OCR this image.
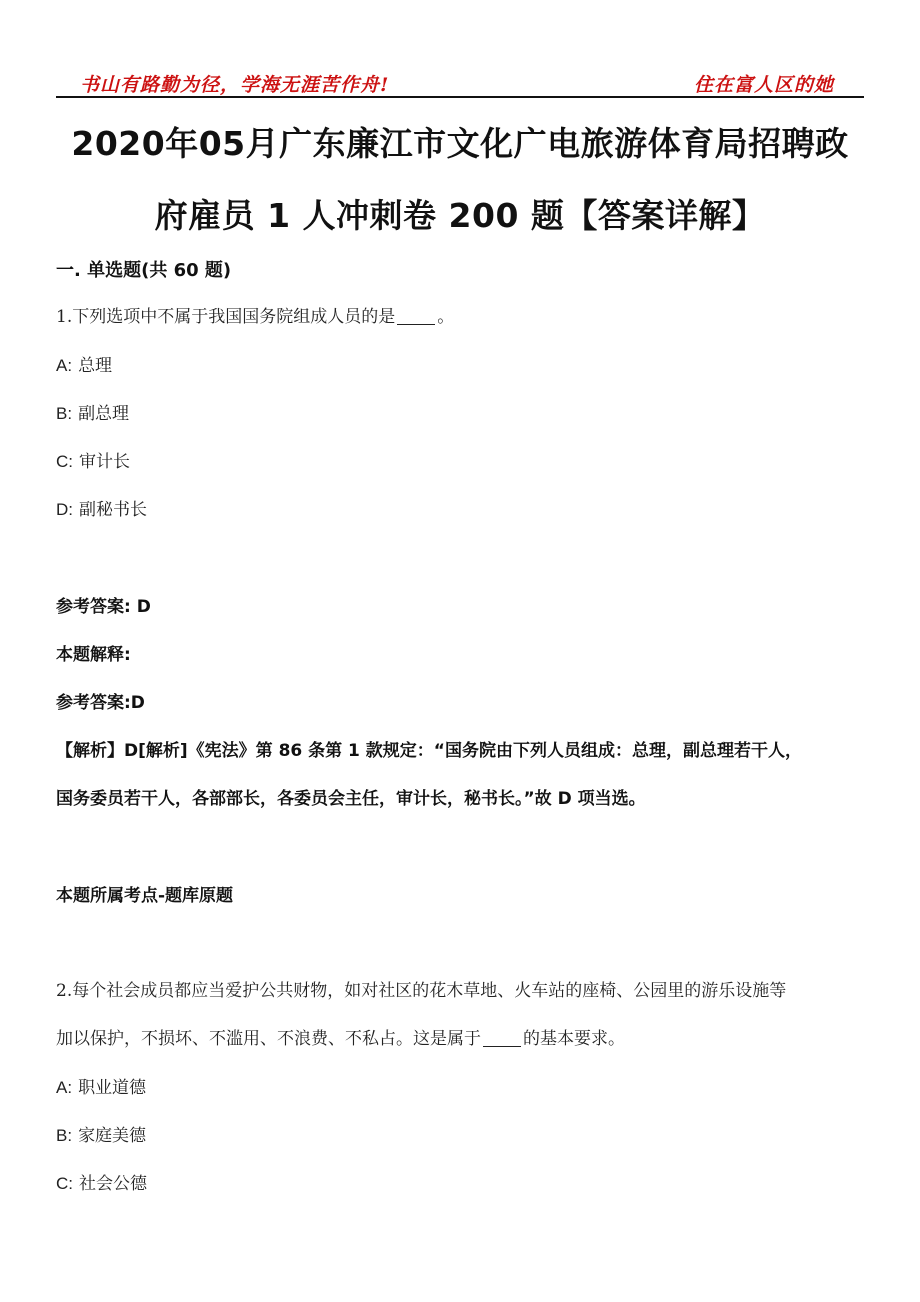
书山有路勤为径，学海无涯苦作舟!	住在富人区的她
2020年05月广东廉江市文化广电旅游体育局招聘政
府雇员 1 人冲刺卷 200 题【答案详解】
一. 单选题(共 60 题)
1.下列选项中不属于我国国务院组成人员的是 。
A: 总理
B: 副总理
C: 审计长
D: 副秘书长
参考答案: D
本题解释:
参考答案:D
【解析】D[解析]《宪法》第 86 条第 1 款规定：“国务院由下列人员组成：总理，副总理若干人，
国务委员若干人，各部部长，各委员会主任，审计长，秘书长。”故 D 项当选。
本题所属考点-题库原题
2.每个社会成员都应当爱护公共财物，如对社区的花木草地、火车站的座椅、公园里的游乐设施等
加以保护，不损坏、不滥用、不浪费、不私占。这是属于 的基本要求。
A: 职业道德
B: 家庭美德
C: 社会公德
